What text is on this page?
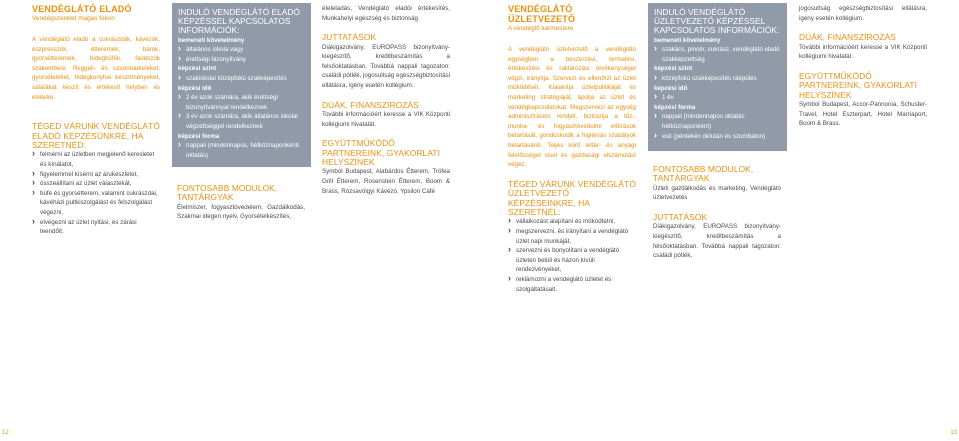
VENDÉGLÁTÓ ELADÓ
Vendégszeretet magas fokon

A vendéglátó eladó a cukrászdák, kávézók, eszpresszók, étteremek, bárok, gyorsétteremek, hidegbüfék, falatozók szakembere. Reggeli- és uzsonnaételeket, gyorsételeket, hidegkonyhai készítményeket, salátákat készít és értékesít helyben és elvitelre.

TÉGED VÁRUNK VENDÉGLÁTÓ ELADÓ KÉPZÉSÜNKRE, HA SZERETNÉD:
› felmérni az üzletben megjelenő keresletet és kínálatot,
› figyelemmel kísérni az árukészletet,
› összeállítani az üzlet választékát,
› büfé és gyorsétterem, valamint cukrászdai, kávéházi pultkiszolgálást és felszolgálást végezni,
› elvégezni az üzlet nyitási, és zárási teendőit.
INDULÓ VENDÉGLÁTÓ ELADÓ KÉPZÉSSEL KAPCSOLATOS INFORMÁCIÓK:
bemeneti követelmény
› általános iskola vagy
› érettségi bizonyítvány
képzési szint
› szakiskolai középfokú szakképesítés
képzési idő
› 2 év azok számára, akik érettségi bizonyítvánnyal rendelkeznek
› 3 év azok számára, akik általános iskolai végzettséggel rendelkeznek
képzési forma
› nappali (mindennapos, hétköznaponkénti oktatás)
FONTOSABB MODULOK, TANTÁRGYAK

Élelmiszer, fogyasztóvédelem, Gazdálkodás, Szakmai idegen nyelv, Gyorsételkészítés,

ételeladás, Vendéglátó eladói értékesítés, Munkahelyi egészség és biztonság

JUTTATÁSOK

Diákigazolvány, EUROPASS bizonyítvány-kiegészítő, kreditbeszámítás a felsőoktatásban. Továbbá nappali tagozaton: családi pótlék, jogosultság egészségbiztosítási ellátásra, igény esetén kollégium.

DÚÁK, FINANSZÍROZÁS

További információért keresse a VIK Központi kollégiumi hivatalát.

EGYÜTTMŰKÖDŐ PARTNEREINK, GYAKORLATI HELYSZÍNEK

Symbol Budapest, Alabárdos Étterem, Trófea Grill Étterem, Rosenstein Étterem, Boom & Brass, Rózsavölgyi Kávézó, Ypsilon Café

VENDÉGLÁTÓ ÜZLETVEZETŐ
A vendéglő karmestere

A vendéglátó üzletvezető a vendéglátó egységben a beszerzési, termelési, értékesítési és raktározási tevékenységet végzi, irányítja. Szervezi és ellenőrzi az üzlet működését. Kialakítja üzletpolitikáját és marketing stratégiáját, ápolja az üzlet és vendégkapcsolatokat. Megszervezi az egység adminisztrációs rendjét, biztosítja a tűz-, munka- és fogyasztóvédelmi előírások betartását, gondoskodik a higiéniás szabályok betartásáról. Teljes körű leltár- és anyagi felelősséget visel és gazdasági elszámolást végez.

TÉGED VÁRUNK VENDÉGLÁTÓ ÜZLETVEZETŐ KÉPZÉSEINKRE, HA SZERETNÉL:
› vállalkozást alapítani és működtetni,
› megszervezni, és irányítani a vendéglátó üzlet napi munkáját,
› szervezni és bonyolítani a vendéglátó üzleten belüli és házon kívüli rendezvényeket,
› reklámozni a vendéglátó üzletet és szolgáltatásait.
INDULÓ VENDÉGLÁTÓ ÜZLETVEZETŐ KÉPZÉSSEL KAPCSOLATOS INFORMÁCIÓK:
bemeneti követelmény
› szakács, pincér, cukrász, vendéglátó eladó szakképzettség
képzési szint
› középfokú szakképesítés ráépülés
képzési idő
› 1 év
képzési forma
› nappali (mindennapos oktatás hétköznaponként)
› esti (péntekén délután és szombaton)
FONTOSABB MODULOK, TANTÁRGYAK

Üzleti gazdálkodás és marketing, Vendéglátó üzletvezetés

JUTTATÁSOK

Diákigazolvány, EUROPASS bizonyítvány-kiegészítő, kreditbeszámítás a felsőoktatásban. Továbbá nappali tagozaton: családi pótlék,

jogosultság egészségbiztosítási ellátásra, igény esetén kollégium.

DÚÁK, FINANSZÍROZÁS

További információért keresse a VIK Központi kollégiumi hivatalát.

EGYÜTTMŰKÖDŐ PARTNEREINK, GYAKORLATI HELYSZÍNEK

Symbol Budapest, Accor-Pannonia, Schuster-Travel, Hotel Eszterpart, Hotel Marriaport, Boom & Brass.

12	13
